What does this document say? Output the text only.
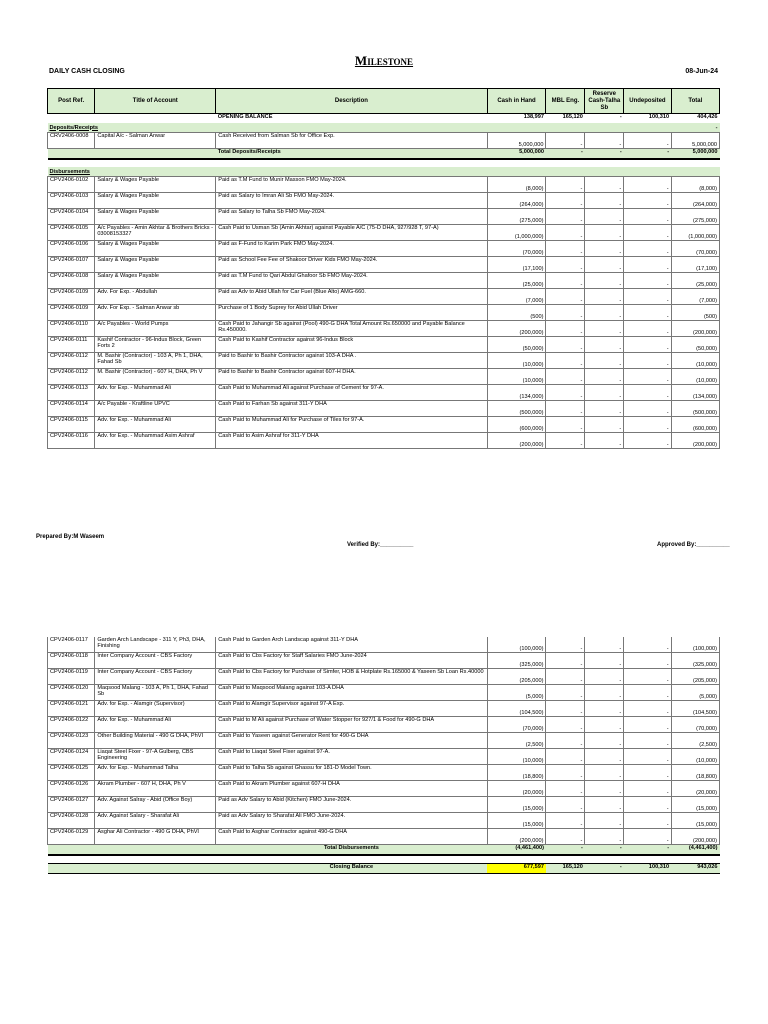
Milestone
DAILY CASH CLOSING	08-Jun-24
Post Ref.	Title of Account	Description	Cash in Hand	MBL Eng.	Reserve Cash-Talha Sb	Undeposited	Total
		OPENING BALANCE	138,997	165,120	-	100,310	404,426
Deposits/Receipts							-
CRV2406-0008	Capital A/c - Salman Anwar	Cash Received from Salman Sb for Office Exp.	5,000,000	-	-	-	5,000,000
		Total Deposits/Receipts	5,000,000	-	-	-	5,000,000

Disbursements							
CPV2406-0102	Salary & Wages Payable	Paid as T.M Fund to Munir Masson FMO May-2024.	(8,000)	-	-	-	(8,000)
CPV2406-0103	Salary & Wages Payable	Paid as Salary to Imran Ali Sb FMO May-2024.	(264,000)	-	-	-	(264,000)
CPV2406-0104	Salary & Wages Payable	Paid as Salary to Talha Sb FMO May-2024.	(275,000)	-	-	-	(275,000)
CPV2406-0105	A/c Payables - Amin Akhtar & Brothers Bricks - 03008153327	Cash Paid to Usman Sb (Amin Akhtar) against Payable A/C (75-D DHA, 927/928 T, 97-A)	(1,000,000)	-	-	-	(1,000,000)
CPV2406-0106	Salary & Wages Payable	Paid as F-Fund to Karim Park FMO May-2024.	(70,000)	-	-	-	(70,000)
CPV2406-0107	Salary & Wages Payable	Paid as School Fee Fee of Shakoor Driver Kids FMO May-2024.	(17,100)	-	-	-	(17,100)
CPV2406-0108	Salary & Wages Payable	Paid as T.M Fund to Qari Abdul Ghafoor Sb FMO May-2024.	(25,000)	-	-	-	(25,000)
CPV2406-0109	Adv. For Exp. - Abdullah	Paid as Adv to Abid Ullah for Car Fuel (Blue Alto) AMG-660.	(7,000)	-	-	-	(7,000)
CPV2406-0109	Adv. For Exp. - Salman Anwar sb	Purchase of 1 Body Suprey for Abid Ullah Driver	(500)	-	-	-	(500)
CPV2406-0110	A/c Payables - World Pumps	Cash Paid to Jahangir Sb against (Pool) 490-G DHA Total Amount Rs.650000 and Payable Balance Rs.450000.	(200,000)	-	-	-	(200,000)
CPV2406-0111	Kashif Contractor - 96-Indus Block, Green Forts 2	Cash Paid to Kashif Contractor against 96-Indus Block	(50,000)	-	-	-	(50,000)
CPV2406-0112	M. Bashir (Contractor) - 103 A, Ph 1, DHA, Fahad Sb	Paid to Bashir to Bashir Contractor against 103-A DHA .	(10,000)	-	-	-	(10,000)
CPV2406-0112	M. Bashir (Contractor) - 607 H, DHA, Ph V	Paid to Bashir to Bashir Contractor against 607-H DHA.	(10,000)	-	-	-	(10,000)
CPV2406-0113	Adv. for Exp. - Muhammad Ali	Cash Paid to Muhammad Ali against Purchase of Cement for 97-A.	(134,000)	-	-	-	(134,000)
CPV2406-0114	A/c Payable - Kraftline UPVC	Cash Paid to Farhan Sb against 311-Y DHA	(500,000)	-	-	-	(500,000)
CPV2406-0115	Adv. for Exp. - Muhammad Ali	Cash Paid to Muhammad Ali for Purchase of Tiles for 97-A.	(600,000)	-	-	-	(600,000)
CPV2406-0116	Adv. for Exp. - Muhammad Asim Ashraf	Cash Paid to Asim Ashraf for 311-Y DHA	(200,000)	-	-	-	(200,000)
Prepared By:M Waseem
Verified By:__________	Approved By:__________
CPV2406-0117	Garden Arch Landscape - 311 Y, Ph3, DHA, Finishing	Cash Paid to Garden Arch Landscap against 311-Y DHA	(100,000)	-	-	-	(100,000)
CPV2406-0118	Inter Company Account - CBS Factory	Cash Paid to Cbs Factory for Staff Salaries FMO June-2024	(325,000)	-	-	-	(325,000)
CPV2406-0119	Inter Company Account - CBS Factory	Cash Paid to Cbs Factory for Purchase of Simfer, HOB & Hotplate Rs.165000 & Yaseen Sb Loan Rs.40000	(205,000)	-	-	-	(205,000)
CPV2406-0120	Maqsood Malang - 103 A, Ph 1, DHA, Fahad Sb	Cash Paid to Maqsood Malang against 103-A DHA	(5,000)	-	-	-	(5,000)
CPV2406-0121	Adv. for Exp. - Alamgir (Supervisor)	Cash Paid to Alamgir Supervisor against 97-A Exp.	(104,500)	-	-	-	(104,500)
CPV2406-0122	Adv. for Exp. - Muhammad Ali	Cash Paid to M Ali against Purchase of Water Stopper for 927/1 & Food for 490-G DHA	(70,000)	-	-	-	(70,000)
CPV2406-0123	Other Building Material - 490 G DHA, PhVI	Cash Paid to Yaseen against Generator Rent for 490-G DHA	(2,500)	-	-	-	(2,500)
CPV2406-0124	Liaqat Steel Fixer - 97-A Gulberg, CBS Engineering	Cash Paid to Liaqat Steel Fixer against 97-A.	(10,000)	-	-	-	(10,000)
CPV2406-0125	Adv. for Exp. - Muhammad Talha	Cash Paid to Talha Sb against Ghassu for 181-D Model Town.	(18,800)	-	-	-	(18,800)
CPV2406-0126	Akram Plumber - 607 H, DHA, Ph V	Cash Paid to Akram Plumber against 607-H DHA	(20,000)	-	-	-	(20,000)
CPV2406-0127	Adv. Against Salray - Abid (Office Boy)	Paid as Adv Salary to Abid (Kitchen) FMO June-2024.	(15,000)	-	-	-	(15,000)
CPV2406-0128	Adv. Against Salary - Sharafat Ali	Paid as Adv Salary to Sharafat Ali FMO June-2024.	(15,000)	-	-	-	(15,000)
CPV2406-0129	Asghar Ali Contractor - 490 G DHA, PhVI	Cash Paid to Asghar Contractor against 490-G DHA	(200,000)	-	-	-	(200,000)
		Total Disbursements	(4,461,400)	-	-	-	(4,461,400)

		Closing Balance	677,597	165,120	-	100,310	943,026
